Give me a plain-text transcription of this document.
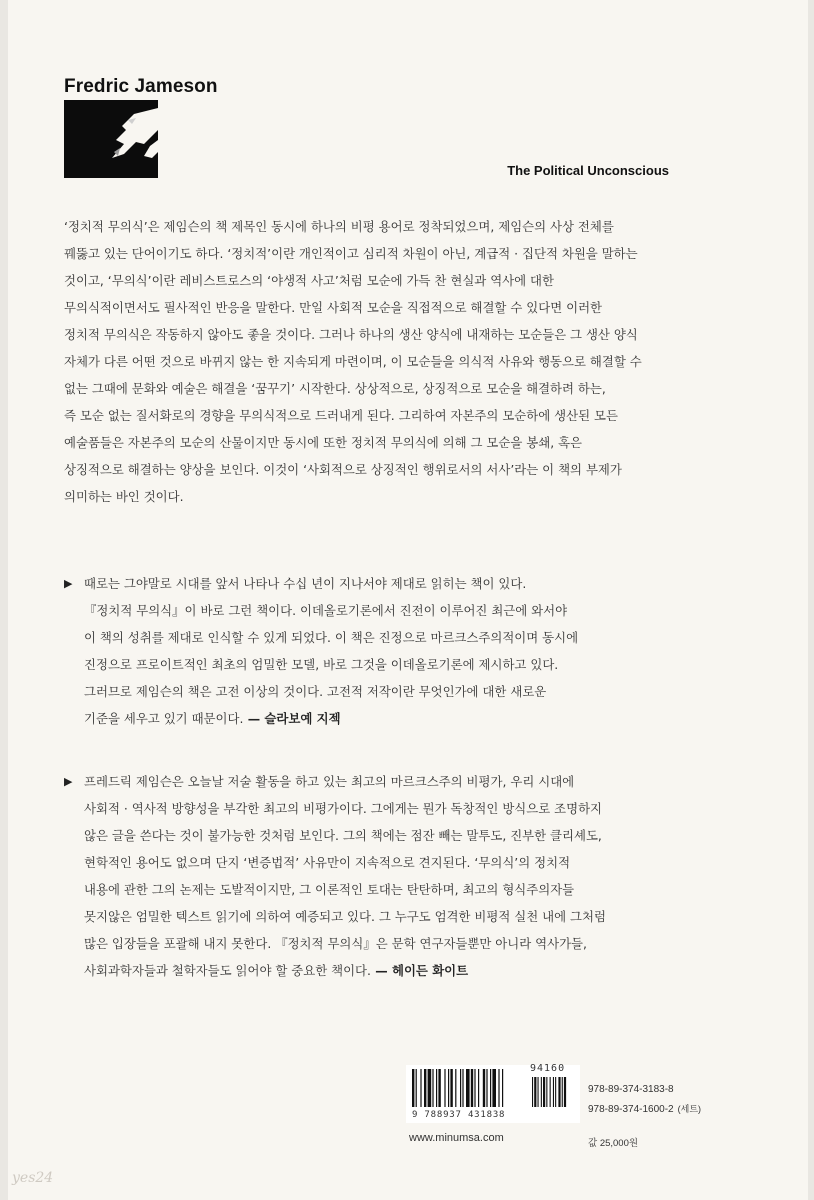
Fredric Jameson
The Political Unconscious

‘정치적 무의식’은 제임슨의 책 제목인 동시에 하나의 비평 용어로 정착되었으며, 제임슨의 사상 전체를
꿰뚫고 있는 단어이기도 하다. ‘정치적’이란 개인적이고 심리적 차원이 아닌, 계급적 · 집단적 차원을 말하는
것이고, ‘무의식’이란 레비스트로스의 ‘야생적 사고’처럼 모순에 가득 찬 현실과 역사에 대한
무의식적이면서도 필사적인 반응을 말한다. 만일 사회적 모순을 직접적으로 해결할 수 있다면 이러한
정치적 무의식은 작동하지 않아도 좋을 것이다. 그러나 하나의 생산 양식에 내재하는 모순들은 그 생산 양식
자체가 다른 어떤 것으로 바뀌지 않는 한 지속되게 마련이며, 이 모순들을 의식적 사유와 행동으로 해결할 수
없는 그때에 문화와 예술은 해결을 ‘꿈꾸기’ 시작한다. 상상적으로, 상징적으로 모순을 해결하려 하는,
즉 모순 없는 질서화로의 경향을 무의식적으로 드러내게 된다. 그리하여 자본주의 모순하에 생산된 모든
예술품들은 자본주의 모순의 산물이지만 동시에 또한 정치적 무의식에 의해 그 모순을 봉쇄, 혹은
상징적으로 해결하는 양상을 보인다. 이것이 ‘사회적으로 상징적인 행위로서의 서사’라는 이 책의 부제가
의미하는 바인 것이다.

▶ 때로는 그야말로 시대를 앞서 나타나 수십 년이 지나서야 제대로 읽히는 책이 있다.
『정치적 무의식』이 바로 그런 책이다. 이데올로기론에서 진전이 이루어진 최근에 와서야
이 책의 성취를 제대로 인식할 수 있게 되었다. 이 책은 진정으로 마르크스주의적이며 동시에
진정으로 프로이트적인 최초의 엄밀한 모델, 바로 그것을 이데올로기론에 제시하고 있다.
그러므로 제임슨의 책은 고전 이상의 것이다. 고전적 저작이란 무엇인가에 대한 새로운
기준을 세우고 있기 때문이다. — 슬라보예 지젝
▶ 프레드릭 제임슨은 오늘날 저술 활동을 하고 있는 최고의 마르크스주의 비평가, 우리 시대에
사회적 · 역사적 방향성을 부각한 최고의 비평가이다. 그에게는 뭔가 독창적인 방식으로 조명하지
않은 글을 쓴다는 것이 불가능한 것처럼 보인다. 그의 책에는 점잔 빼는 말투도, 진부한 클리셰도,
현학적인 용어도 없으며 단지 ‘변증법적’ 사유만이 지속적으로 견지된다. ‘무의식’의 정치적
내용에 관한 그의 논제는 도발적이지만, 그 이론적인 토대는 탄탄하며, 최고의 형식주의자들
못지않은 엄밀한 텍스트 읽기에 의하여 예증되고 있다. 그 누구도 엄격한 비평적 실천 내에 그처럼
많은 입장들을 포괄해 내지 못한다. 『정치적 무의식』은 문학 연구자들뿐만 아니라 역사가들,
사회과학자들과 철학자들도 읽어야 할 중요한 책이다. — 헤이든 화이트
94160
9 788937 431838
978-89-374-3183-8
978-89-374-1600-2 (세트)
www.minumsa.com	값 25,000원
yes24
